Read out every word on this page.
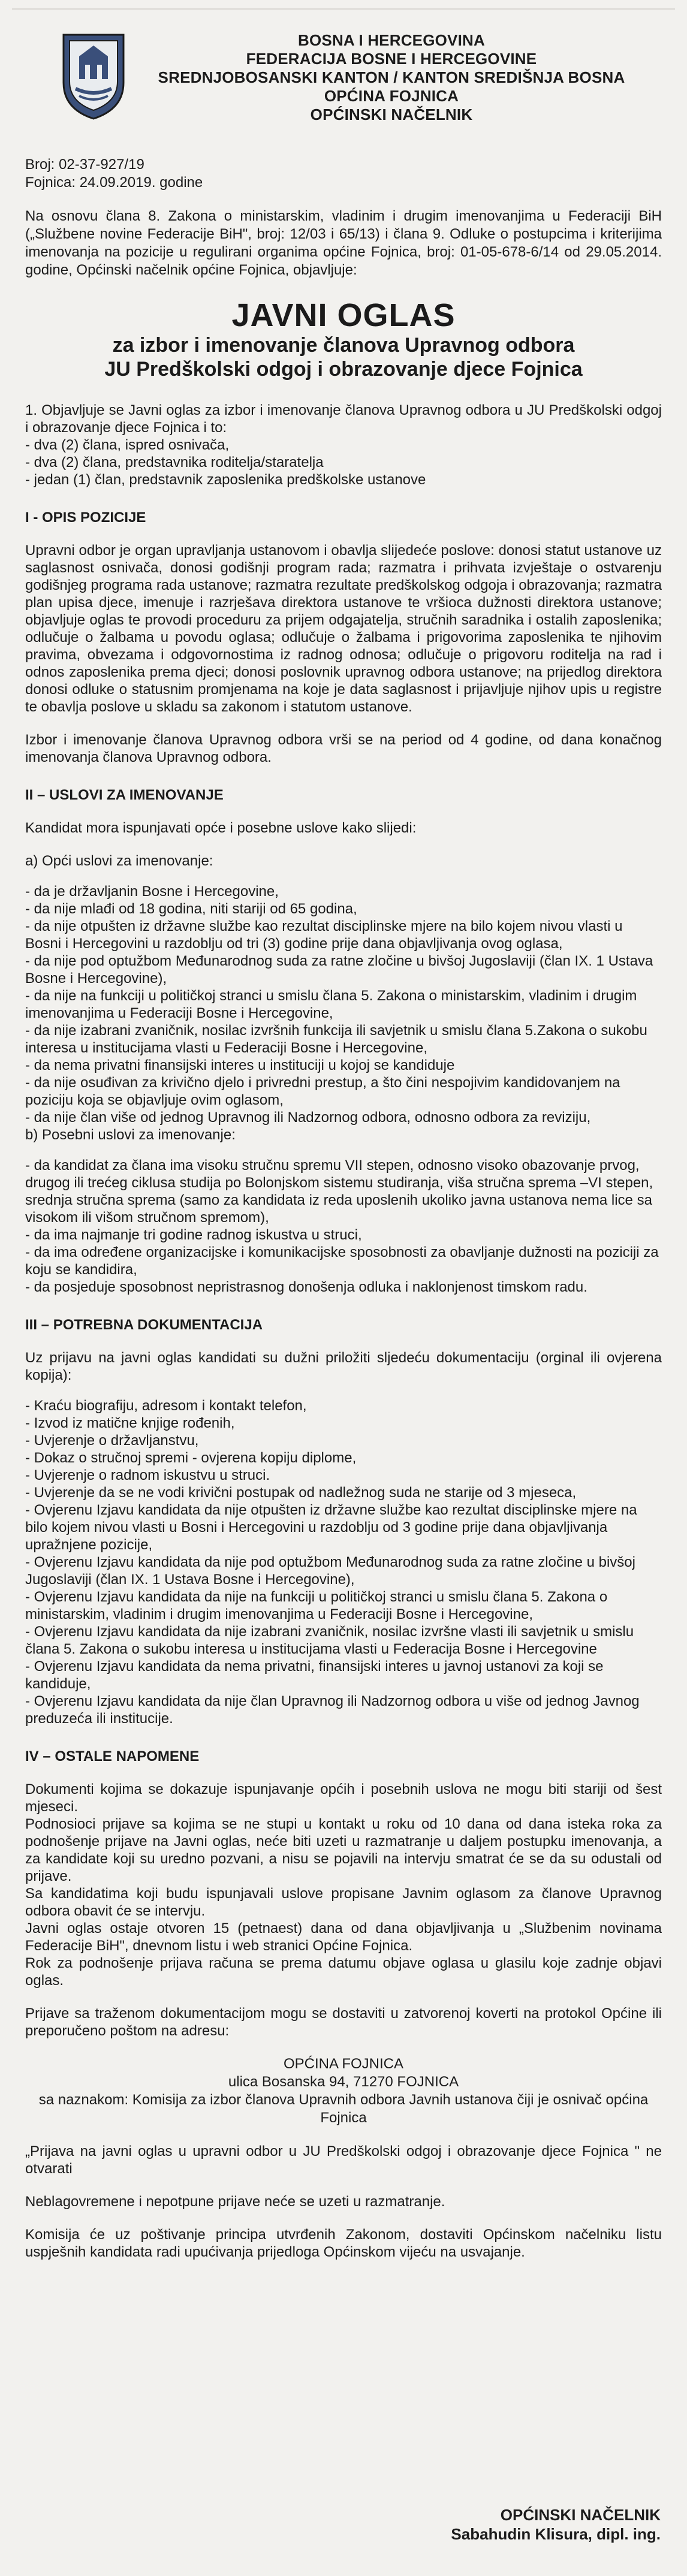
BOSNA I HERCEGOVINA
FEDERACIJA BOSNE I HERCEGOVINE
SREDNJOBOSANSKI KANTON / KANTON SREDIŠNJA BOSNA
OPĆINA FOJNICA
OPĆINSKI NAČELNIK
Broj: 02-37-927/19
Fojnica: 24.09.2019. godine

Na osnovu člana 8. Zakona o ministarskim, vladinim i drugim imenovanjima u Federaciji BiH („Službene novine Federacije BiH", broj: 12/03 i 65/13) i člana 9. Odluke o postupcima i kriterijima imenovanja na pozicije u regulirani organima općine Fojnica, broj: 01-05-678-6/14 od 29.05.2014. godine, Općinski načelnik općine Fojnica, objavljuje:

JAVNI OGLAS
za izbor i imenovanje članova Upravnog odbora
JU Predškolski odgoj i obrazovanje djece Fojnica

1. Objavljuje se Javni oglas za izbor i imenovanje članova Upravnog odbora u JU Predškolski odgoj i obrazovanje djece Fojnica i to:

- dva (2) člana, ispred osnivača,

- dva (2) člana, predstavnika roditelja/staratelja

- jedan (1) član, predstavnik zaposlenika predškolske ustanove

I - OPIS POZICIJE

Upravni odbor je organ upravljanja ustanovom i obavlja slijedeće poslove: donosi statut ustanove uz saglasnost osnivača, donosi godišnji program rada; razmatra i prihvata izvještaje o ostvarenju godišnjeg programa rada ustanove; razmatra rezultate predškolskog odgoja i obrazovanja; razmatra plan upisa djece, imenuje i razrješava direktora ustanove te vršioca dužnosti direktora ustanove; objavljuje oglas te provodi proceduru za prijem odgajatelja, stručnih saradnika i ostalih zaposlenika; odlučuje o žalbama u povodu oglasa; odlučuje o žalbama i prigovorima zaposlenika te njihovim pravima, obvezama i odgovornostima iz radnog odnosa; odlučuje o prigovoru roditelja na rad i odnos zaposlenika prema djeci; donosi poslovnik upravnog odbora ustanove; na prijedlog direktora donosi odluke o statusnim promjenama na koje je data saglasnost i prijavljuje njihov upis u registre te obavlja poslove u skladu sa zakonom i statutom ustanove.

Izbor i imenovanje članova Upravnog odbora vrši se na period od 4 godine, od dana konačnog imenovanja članova Upravnog odbora.

II – USLOVI ZA IMENOVANJE

Kandidat mora ispunjavati opće i posebne uslove kako slijedi:

a) Opći uslovi za imenovanje:

- da je državljanin Bosne i Hercegovine,

- da nije mlađi od 18 godina, niti stariji od 65 godina,

- da nije otpušten iz državne službe kao rezultat disciplinske mjere na bilo kojem nivou vlasti u Bosni i Hercegovini u razdoblju od tri (3) godine prije dana objavljivanja ovog oglasa,

- da nije pod optužbom Međunarodnog suda za ratne zločine u bivšoj Jugoslaviji (član IX. 1 Ustava Bosne i Hercegovine),

- da nije na funkciji u političkoj stranci u smislu člana 5. Zakona o ministarskim, vladinim i drugim imenovanjima u Federaciji Bosne i Hercegovine,

- da nije izabrani zvaničnik, nosilac izvršnih funkcija ili savjetnik u smislu člana 5.Zakona o sukobu interesa u institucijama vlasti u Federaciji Bosne i Hercegovine,

- da nema privatni finansijski interes u instituciji u kojoj se kandiduje

- da nije osuđivan za krivično djelo i privredni prestup, a što čini nespojivim kandidovanjem na poziciju koja se objavljuje ovim oglasom,

- da nije član više od jednog Upravnog ili Nadzornog odbora, odnosno odbora za reviziju,

b) Posebni uslovi za imenovanje:

- da kandidat za člana ima visoku stručnu spremu VII stepen, odnosno visoko obazovanje prvog, drugog ili trećeg ciklusa studija po Bolonjskom sistemu studiranja, viša stručna sprema –VI stepen, srednja stručna sprema (samo za kandidata iz reda uposlenih ukoliko javna ustanova nema lice sa visokom ili višom stručnom spremom),

- da ima najmanje tri godine radnog iskustva u struci,

- da ima određene organizacijske i komunikacijske sposobnosti za obavljanje dužnosti na poziciji za koju se kandidira,

- da posjeduje sposobnost nepristrasnog donošenja odluka i naklonjenost timskom radu.

III – POTREBNA DOKUMENTACIJA

Uz prijavu na javni oglas kandidati su dužni priložiti sljedeću dokumentaciju (orginal ili ovjerena kopija):

- Kraću biografiju, adresom i kontakt telefon,

- Izvod iz matične knjige rođenih,

- Uvjerenje o državljanstvu,

- Dokaz o stručnoj spremi - ovjerena kopiju diplome,

- Uvjerenje o radnom iskustvu u struci.

- Uvjerenje da se ne vodi krivični postupak od nadležnog suda ne starije od 3 mjeseca,

- Ovjerenu Izjavu kandidata da nije otpušten iz državne službe kao rezultat disciplinske mjere na bilo kojem nivou vlasti u Bosni i Hercegovini u razdoblju od 3 godine prije dana objavljivanja upražnjene pozicije,

- Ovjerenu Izjavu kandidata da nije pod optužbom Međunarodnog suda za ratne zločine u bivšoj Jugoslaviji (član IX. 1 Ustava Bosne i Hercegovine),

- Ovjerenu Izjavu kandidata da nije na funkciji u političkoj stranci u smislu člana 5. Zakona o ministarskim, vladinim i drugim imenovanjima u Federaciji Bosne i Hercegovine,

- Ovjerenu Izjavu kandidata da nije izabrani zvaničnik, nosilac izvršne vlasti ili savjetnik u smislu člana 5. Zakona o sukobu interesa u institucijama vlasti u Federacija Bosne i Hercegovine

- Ovjerenu Izjavu kandidata da nema privatni, finansijski interes u javnoj ustanovi za koji se kandiduje,

- Ovjerenu Izjavu kandidata da nije član Upravnog ili Nadzornog odbora u više od jednog Javnog preduzeća ili institucije.

IV – OSTALE NAPOMENE

Dokumenti kojima se dokazuje ispunjavanje općih i posebnih uslova ne mogu biti stariji od šest mjeseci.

Podnosioci prijave sa kojima se ne stupi u kontakt u roku od 10 dana od dana isteka roka za podnošenje prijave na Javni oglas, neće biti uzeti u razmatranje u daljem postupku imenovanja, a za kandidate koji su uredno pozvani, a nisu se pojavili na intervju smatrat će se da su odustali od prijave.

Sa kandidatima koji budu ispunjavali uslove propisane Javnim oglasom za članove Upravnog odbora obavit će se intervju.

Javni oglas ostaje otvoren 15 (petnaest) dana od dana objavljivanja u „Službenim novinama Federacije BiH", dnevnom listu i web stranici Općine Fojnica.

Rok za podnošenje prijava računa se prema datumu objave oglasa u glasilu koje zadnje objavi oglas.

Prijave sa traženom dokumentacijom mogu se dostaviti u zatvorenoj koverti na protokol Općine ili preporučeno poštom na adresu:

OPĆINA FOJNICA
ulica Bosanska 94, 71270 FOJNICA
sa naznakom: Komisija za izbor članova Upravnih odbora Javnih ustanova čiji je osnivač općina Fojnica

„Prijava na javni oglas u upravni odbor u JU Predškolski odgoj i obrazovanje djece Fojnica " ne otvarati

Neblagovremene i nepotpune prijave neće se uzeti u razmatranje.

Komisija će uz poštivanje principa utvrđenih Zakonom, dostaviti Općinskom načelniku listu uspješnih kandidata radi upućivanja prijedloga Općinskom vijeću na usvajanje.

OPĆINSKI NAČELNIK
Sabahudin Klisura, dipl. ing.
